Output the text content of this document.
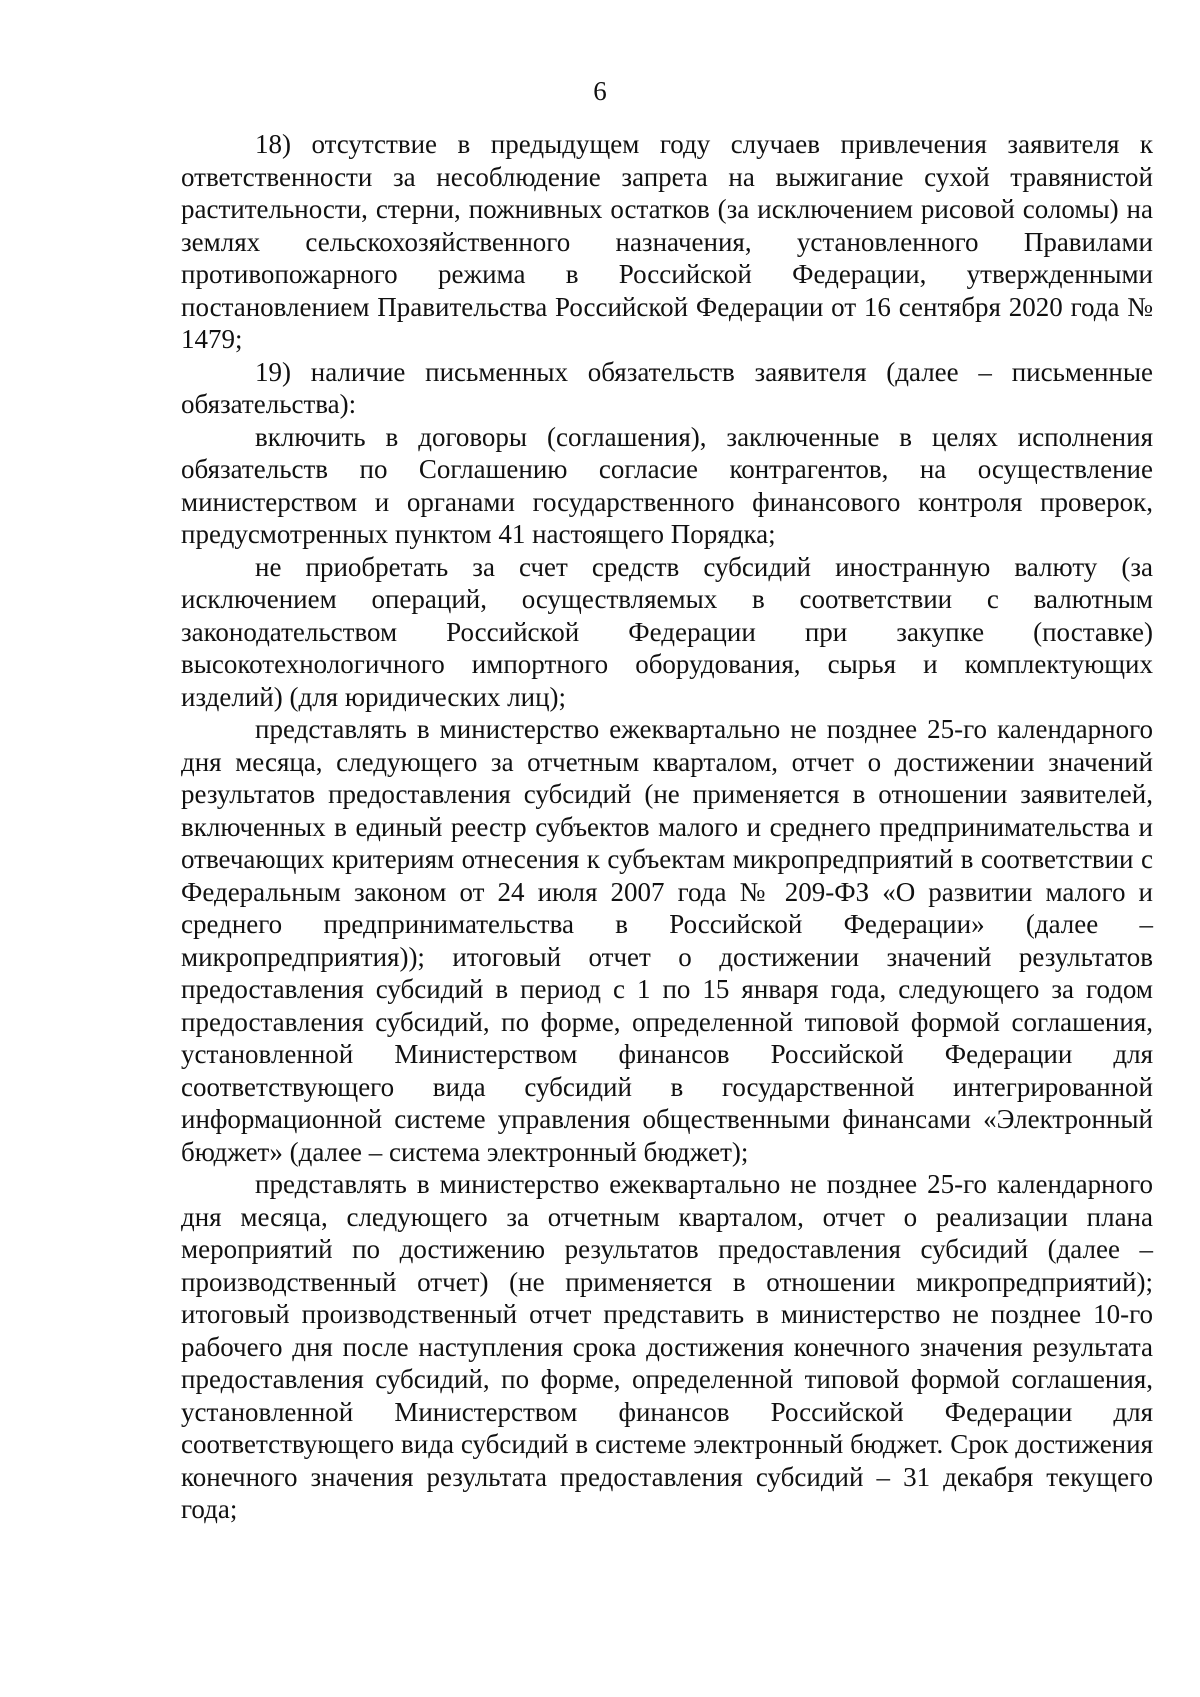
6

18) отсутствие в предыдущем году случаев привлечения заявителя к ответственности за несоблюдение запрета на выжигание сухой травянистой растительности, стерни, пожнивных остатков (за исключением рисовой соломы) на землях сельскохозяйственного назначения, установленного Правилами противопожарного режима в Российской Федерации, утвержденными постановлением Правительства Российской Федерации от 16 сентября 2020 года № 1479;

19) наличие письменных обязательств заявителя (далее – письменные обязательства):

включить в договоры (соглашения), заключенные в целях исполнения обязательств по Соглашению согласие контрагентов, на осуществление министерством и органами государственного финансового контроля проверок, предусмотренных пунктом 41 настоящего Порядка;

не приобретать за счет средств субсидий иностранную валюту (за исключением операций, осуществляемых в соответствии с валютным законодательством Российской Федерации при закупке (поставке) высокотехнологичного импортного оборудования, сырья и комплектующих изделий) (для юридических лиц);

представлять в министерство ежеквартально не позднее 25-го календарного дня месяца, следующего за отчетным кварталом, отчет о достижении значений результатов предоставления субсидий (не применяется в отношении заявителей, включенных в единый реестр субъектов малого и среднего предпринимательства и отвечающих критериям отнесения к субъектам микропредприятий в соответствии с Федеральным законом от 24 июля 2007 года № 209-ФЗ «О развитии малого и среднего предпринимательства в Российской Федерации» (далее – микропредприятия)); итоговый отчет о достижении значений результатов предоставления субсидий в период с 1 по 15 января года, следующего за годом предоставления субсидий, по форме, определенной типовой формой соглашения, установленной Министерством финансов Российской Федерации для соответствующего вида субсидий в государственной интегрированной информационной системе управления общественными финансами «Электронный бюджет» (далее – система электронный бюджет);

представлять в министерство ежеквартально не позднее 25-го календарного дня месяца, следующего за отчетным кварталом, отчет о реализации плана мероприятий по достижению результатов предоставления субсидий (далее – производственный отчет) (не применяется в отношении микропредприятий); итоговый производственный отчет представить в министерство не позднее 10-го рабочего дня после наступления срока достижения конечного значения результата предоставления субсидий, по форме, определенной типовой формой соглашения, установленной Министерством финансов Российской Федерации для соответствующего вида субсидий в системе электронный бюджет. Срок достижения конечного значения результата предоставления субсидий – 31 декабря текущего года;
